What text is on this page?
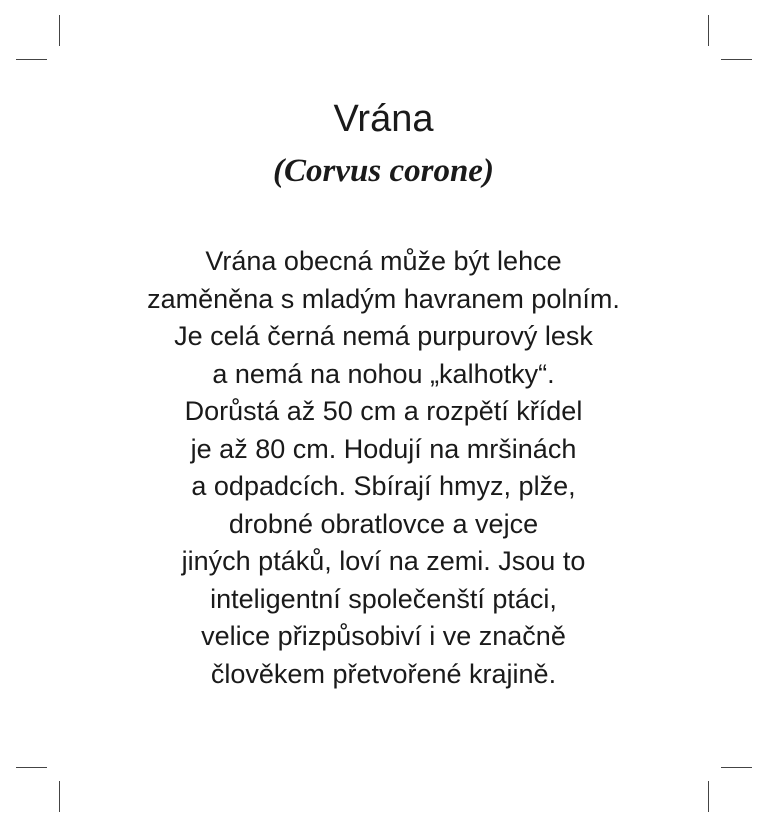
Vrána
(Corvus corone)

Vrána obecná může být lehce
zaměněna s mladým havranem polním.
Je celá černá nemá purpurový lesk
a nemá na nohou „kalhotky“.
Dorůstá až 50 cm a rozpětí křídel
je až 80 cm. Hodují na mršinách
a odpadcích. Sbírají hmyz, plže,
drobné obratlovce a vejce
jiných ptáků, loví na zemi. Jsou to
inteligentní společenští ptáci,
velice přizpůsobiví i ve značně
člověkem přetvořené krajině.
